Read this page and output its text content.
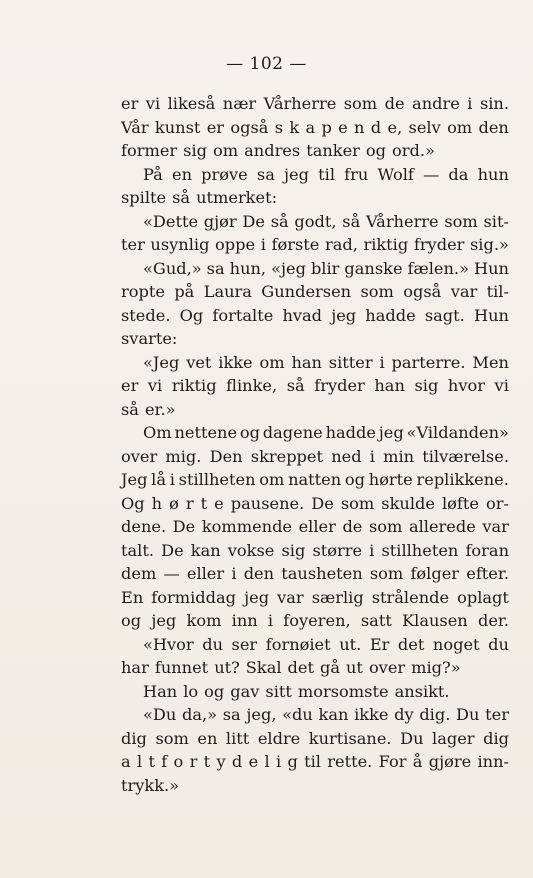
— 102 —
er vi likeså nær Vårherre som de andre i sin.
Vår kunst er også s k a p e n d e, selv om den
former sig om andres tanker og ord.»
På en prøve sa jeg til fru Wolf — da hun
spilte så utmerket:
«Dette gjør De så godt, så Vårherre som sit-
ter usynlig oppe i første rad, riktig fryder sig.»
«Gud,» sa hun, «jeg blir ganske fælen.» Hun
ropte på Laura Gundersen som også var til-
stede. Og fortalte hvad jeg hadde sagt. Hun
svarte:
«Jeg vet ikke om han sitter i parterre. Men
er vi riktig flinke, så fryder han sig hvor vi
så er.»
Om nettene og dagene hadde jeg «Vildanden»
over mig. Den skreppet ned i min tilværelse.
Jeg lå i stillheten om natten og hørte replikkene.
Og h ø r t e pausene. De som skulde løfte or-
dene. De kommende eller de som allerede var
talt. De kan vokse sig større i stillheten foran
dem — eller i den tausheten som følger efter.
En formiddag jeg var særlig strålende oplagt
og jeg kom inn i foyeren, satt Klausen der.
«Hvor du ser fornøiet ut. Er det noget du
har funnet ut? Skal det gå ut over mig?»
Han lo og gav sitt morsomste ansikt.
«Du da,» sa jeg, «du kan ikke dy dig. Du ter
dig som en litt eldre kurtisane. Du lager dig
a l t f o r t y d e l i g til rette. For å gjøre inn-
trykk.»
